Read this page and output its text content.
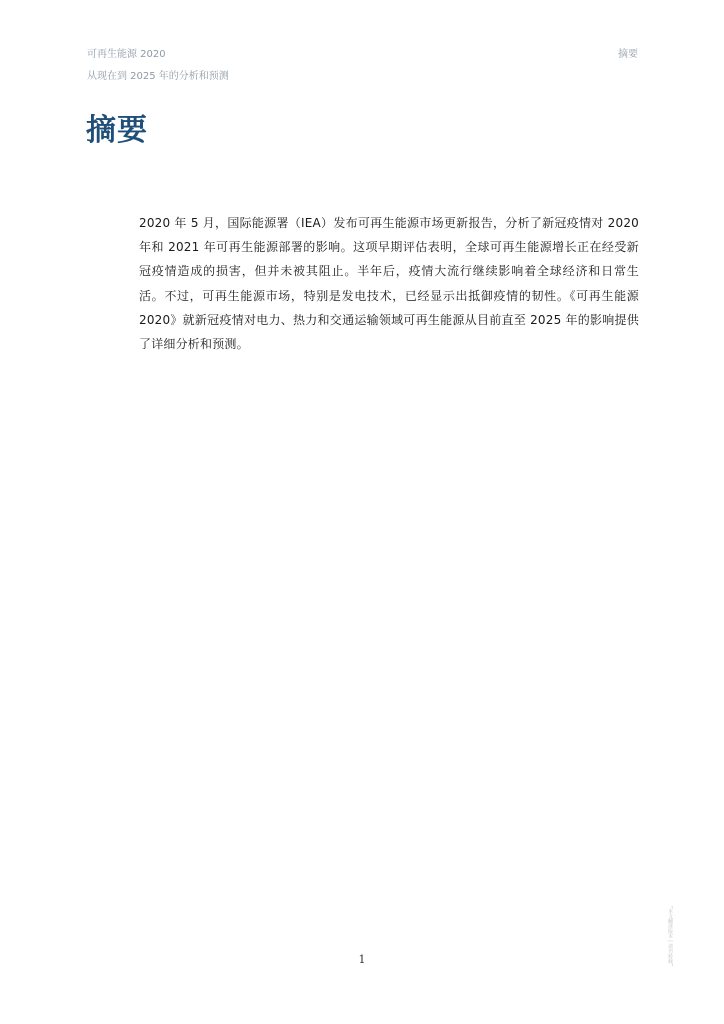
可再生能源 2020
从现在到 2025 年的分析和预测
摘要
摘要

2020 年 5 月，国际能源署（IEA）发布可再生能源市场更新报告，分析了新冠疫情对 2020 年和 2021 年可再生能源部署的影响。这项早期评估表明，全球可再生能源增长正在经受新冠疫情造成的损害，但并未被其阻止。半年后，疫情大流行继续影响着全球经济和日常生活。不过，可再生能源市场，特别是发电技术，已经显示出抵御疫情的韧性。《可再生能源 2020》就新冠疫情对电力、热力和交通运输领域可再生能源从目前直至 2025 年的影响提供了详细分析和预测。

1	“本文翻译版本 | 请勿转载”
